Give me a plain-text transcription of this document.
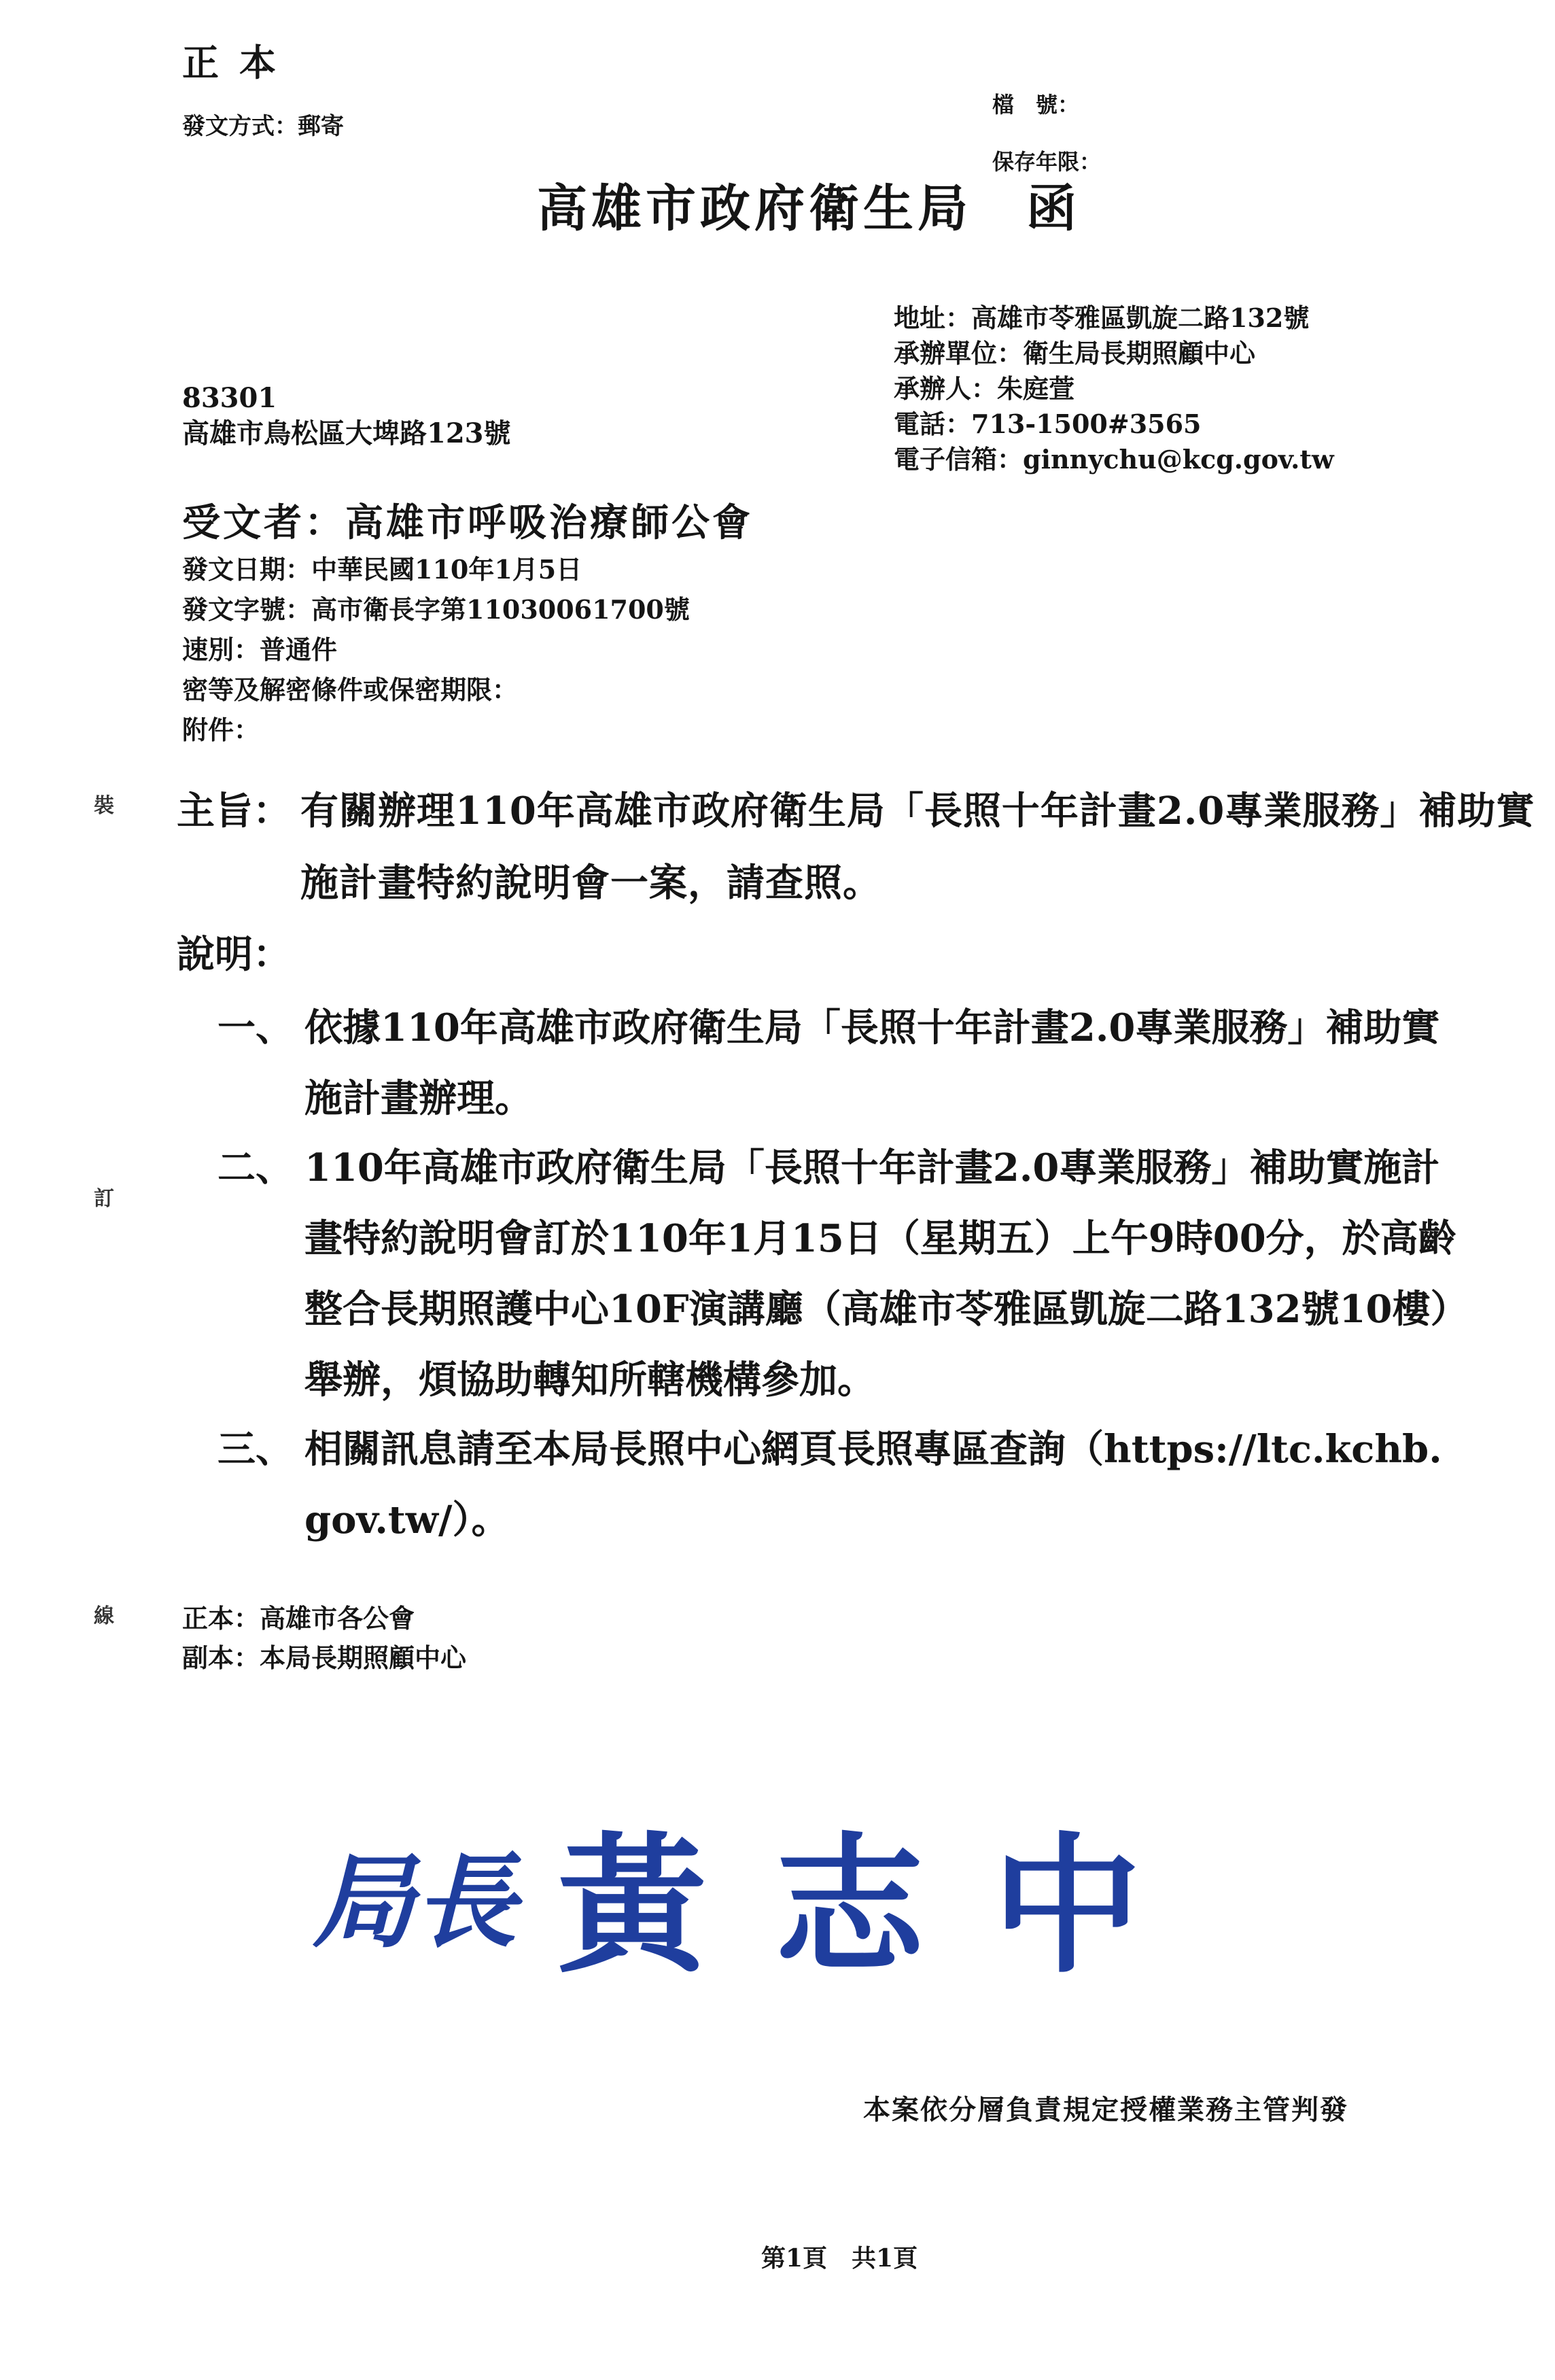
正本
發文方式：郵寄
檔　號：
保存年限：
高雄市政府衛生局　函
地址：高雄市苓雅區凱旋二路132號
承辦單位：衛生局長期照顧中心
承辦人：朱庭萱
電話：713-1500#3565
電子信箱：ginnychu@kcg.gov.tw
83301
高雄市鳥松區大埤路123號
受文者：高雄市呼吸治療師公會
發文日期：中華民國110年1月5日
發文字號：高市衛長字第11030061700號
速別：普通件
密等及解密條件或保密期限：
附件：
裝
訂
線
主旨： 有關辦理110年高雄市政府衛生局「長照十年計畫2.0專業服務」補助實施計畫特約說明會一案，請查照。
說明：
一、 依據110年高雄市政府衛生局「長照十年計畫2.0專業服務」補助實施計畫辦理。
二、 110年高雄市政府衛生局「長照十年計畫2.0專業服務」補助實施計畫特約說明會訂於110年1月15日（星期五）上午9時00分，於高齡整合長期照護中心10F演講廳（高雄市苓雅區凱旋二路132號10樓）舉辦，煩協助轉知所轄機構參加。
三、 相關訊息請至本局長照中心網頁長照專區查詢（https://ltc.kchb.gov.tw/）。
正本：高雄市各公會
副本：本局長期照顧中心
局長 黃 志 中
本案依分層負責規定授權業務主管判發
第1頁　共1頁
